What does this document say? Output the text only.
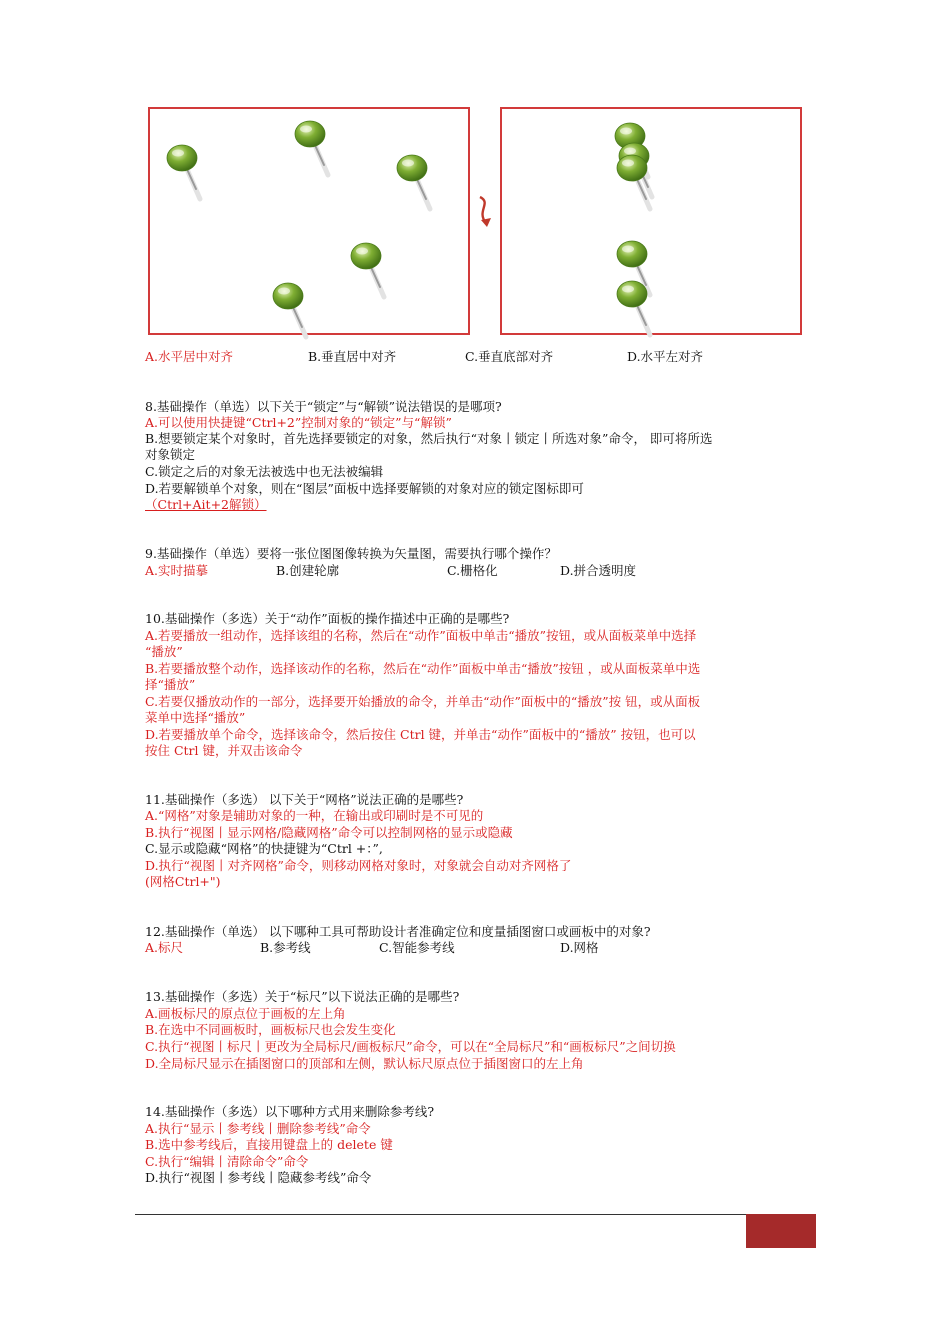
A.水平居中对齐	B.垂直居中对齐	C.垂直底部对齐	D.水平左对齐
8.基础操作（单选）以下关于“锁定”与“解锁”说法错误的是哪项?
A.可以使用快捷键“Ctrl+2”控制对象的“锁定”与“解锁”
B.想要锁定某个对象时，首先选择要锁定的对象，然后执行“对象丨锁定丨所选对象”命令， 即可将所选
对象锁定
C.锁定之后的对象无法被选中也无法被编辑
D.若要解锁单个对象，则在“图层”面板中选择要解锁的对象对应的锁定图标即可
（Ctrl+Ait+2解锁）
9.基础操作（单选）要将一张位图图像转换为矢量图，需要执行哪个操作？
A.实时描摹	B.创建轮廓	C.栅格化	D.拼合透明度
10.基础操作（多选）关于“动作”面板的操作描述中正确的是哪些?
A.若要播放一组动作，选择该组的名称，然后在“动作”面板中单击“播放”按钮，或从面板菜单中选择
“播放”
B.若要播放整个动作，选择该动作的名称，然后在“动作”面板中单击“播放”按钮 ，或从面板菜单中选
择“播放”
C.若要仅播放动作的一部分，选择要开始播放的命令，并单击“动作”面板中的“播放”按 钮，或从面板
菜单中选择“播放”
D.若要播放单个命令，选择该命令，然后按住 Ctrl 键，并单击“动作”面板中的“播放” 按钮，也可以
按住 Ctrl 键，并双击该命令
11.基础操作（多选） 以下关于“网格”说法正确的是哪些?
A.“网格”对象是辅助对象的一种，在输出或印刷时是不可见的
B.执行“视图丨显示网格/隐藏网格”命令可以控制网格的显示或隐藏
C.显示或隐藏“网格”的快捷键为“Ctrl +：”,
D.执行“视图丨对齐网格”命令，则移动网格对象时，对象就会自动对齐网格了
(网格Ctrl+")
12.基础操作（单选） 以下哪种工具可帮助设计者准确定位和度量插图窗口或画板中的对象?
A.标尺	B.参考线	C.智能参考线	D.网格
13.基础操作（多选）关于“标尺”以下说法正确的是哪些?
A.画板标尺的原点位于画板的左上角
B.在选中不同画板时，画板标尺也会发生变化
C.执行“视图丨标尺丨更改为全局标尺/画板标尺”命令，可以在“全局标尺”和“画板标尺”之间切换
D.全局标尺显示在插图窗口的顶部和左侧，默认标尺原点位于插图窗口的左上角
14.基础操作（多选）以下哪种方式用来删除参考线?
A.执行“显示丨参考线丨删除参考线”命令
B.选中参考线后，直接用键盘上的 delete 键
C.执行“编辑丨清除命令”命令
D.执行“视图丨参考线丨隐藏参考线”命令
